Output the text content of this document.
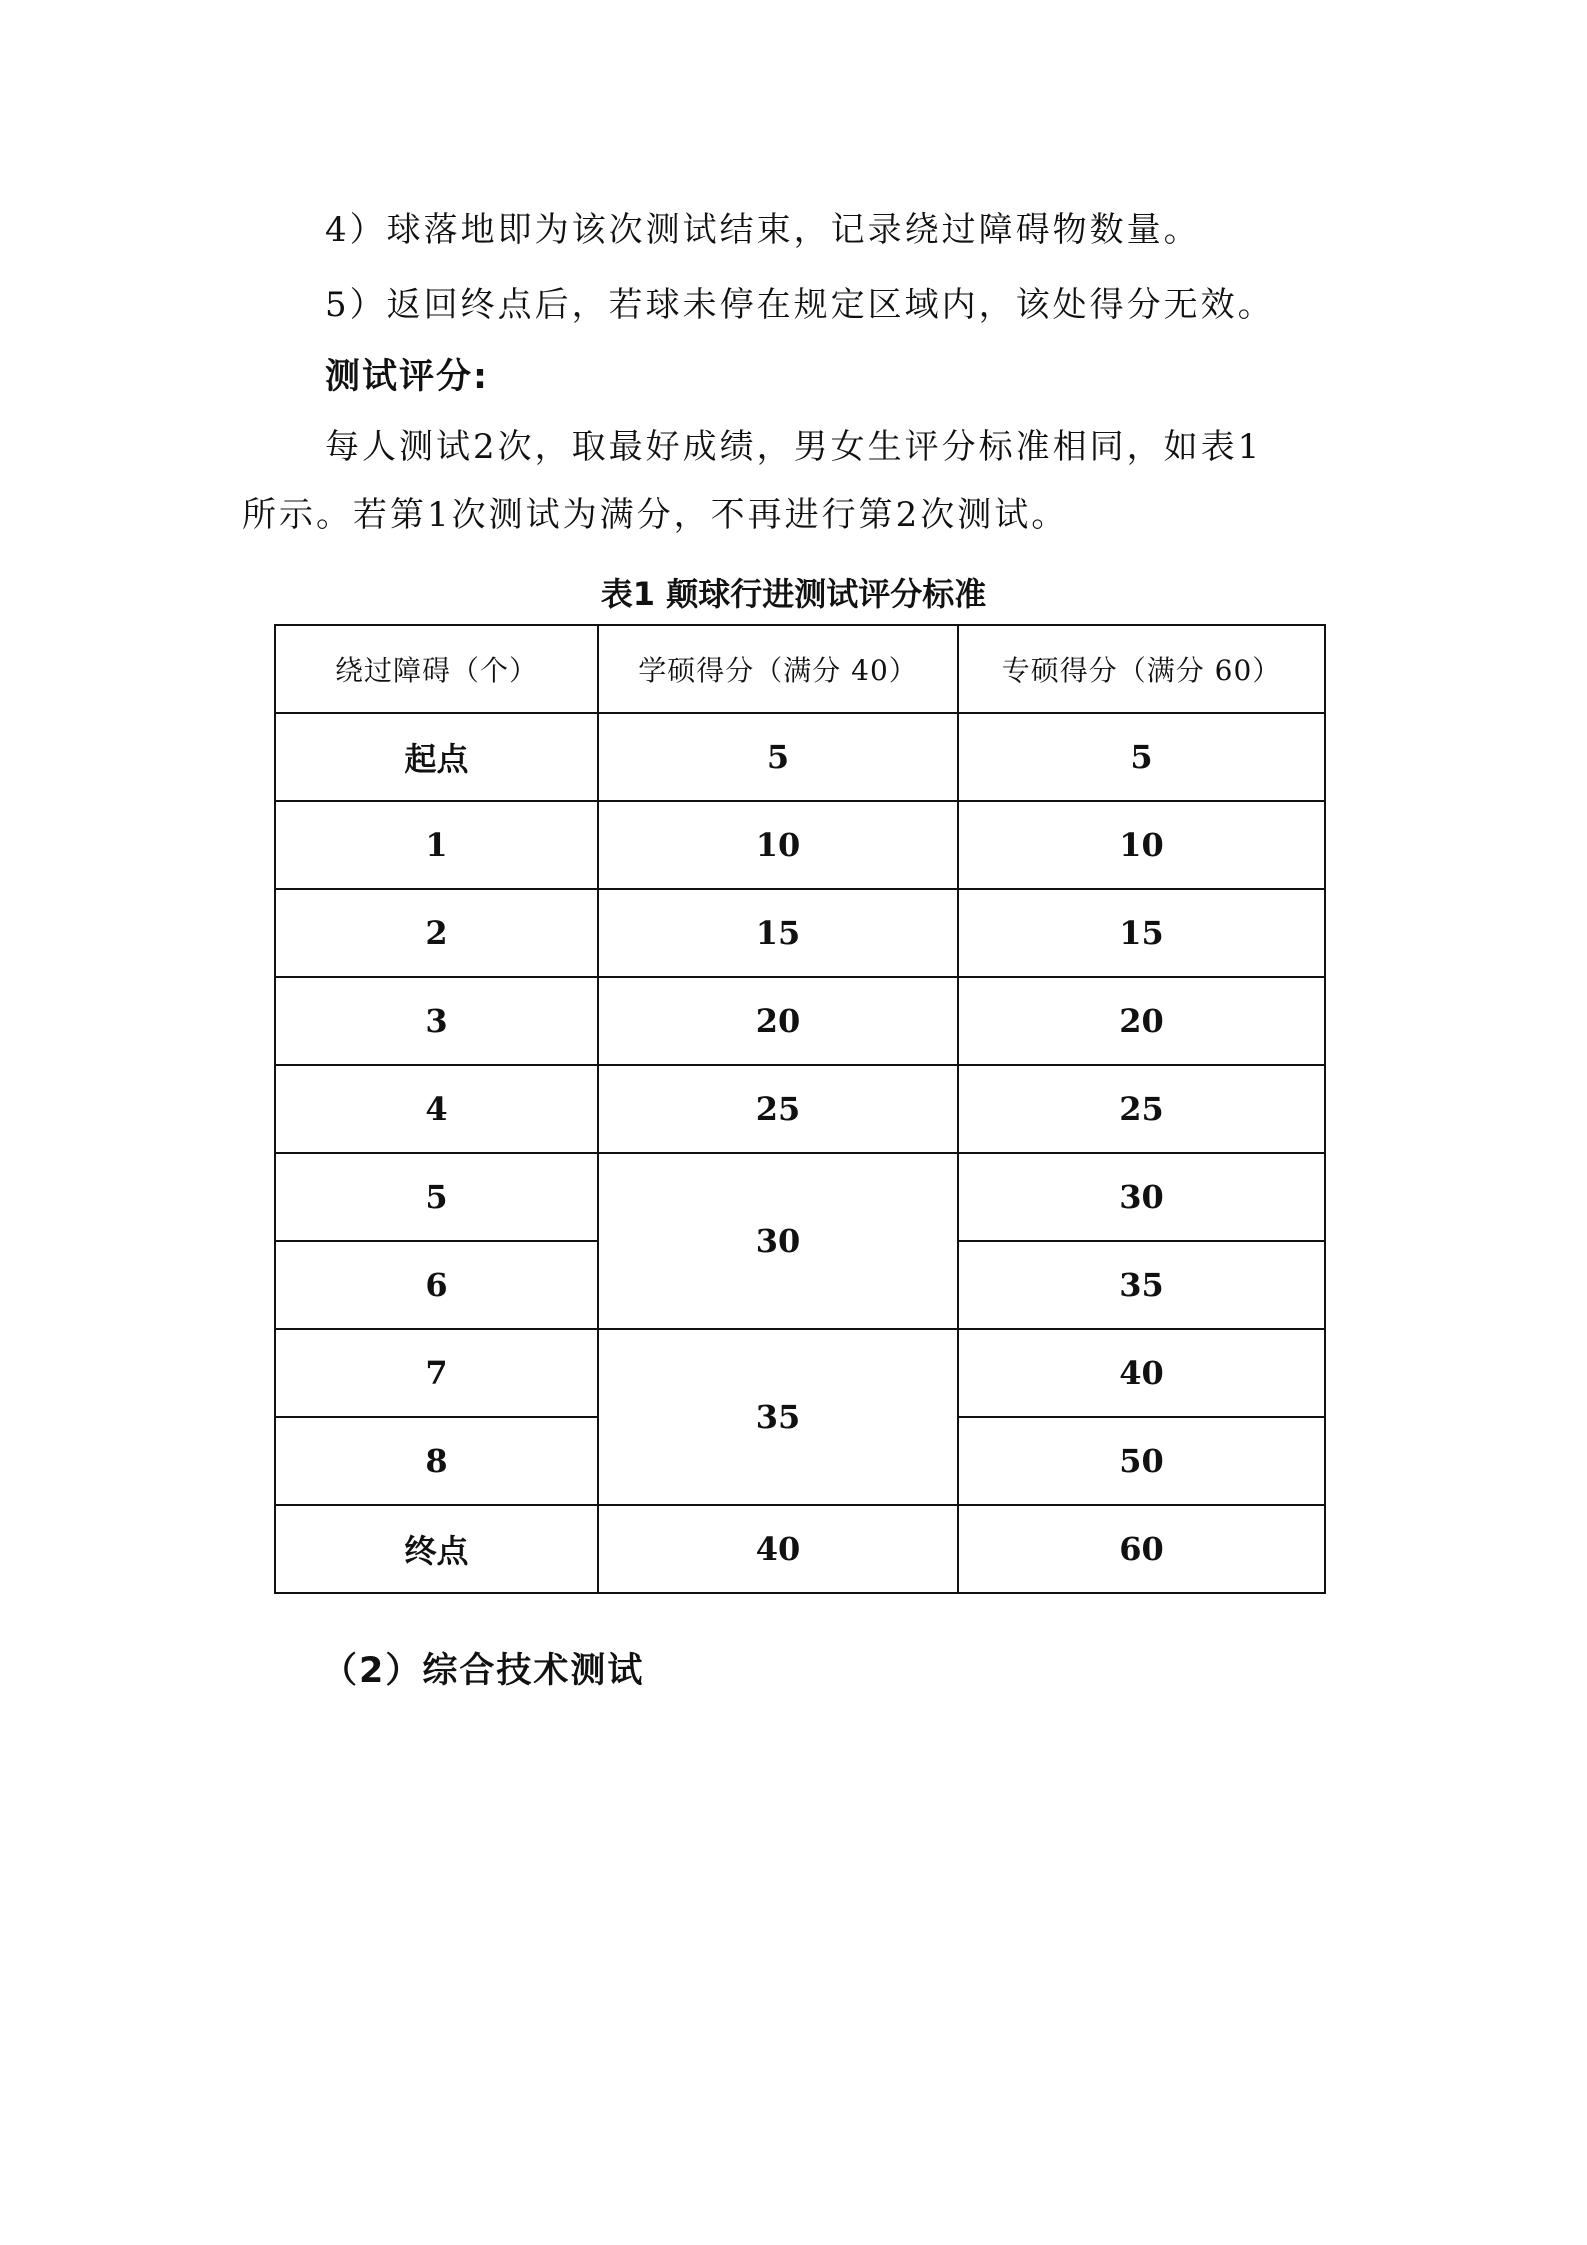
4）球落地即为该次测试结束，记录绕过障碍物数量。

5）返回终点后，若球未停在规定区域内，该处得分无效。

测试评分:

每人测试2次，取最好成绩，男女生评分标准相同，如表1

所示。若第1次测试为满分，不再进行第2次测试。

表1 颠球行进测试评分标准

绕过障碍（个）	学硕得分（满分 40）	专硕得分（满分 60）
起点	5	5
1	10	10
2	15	15
3	20	20
4	25	25
5	30	30
6		35
7	35	40
8		50
终点	40	60
（2）综合技术测试
